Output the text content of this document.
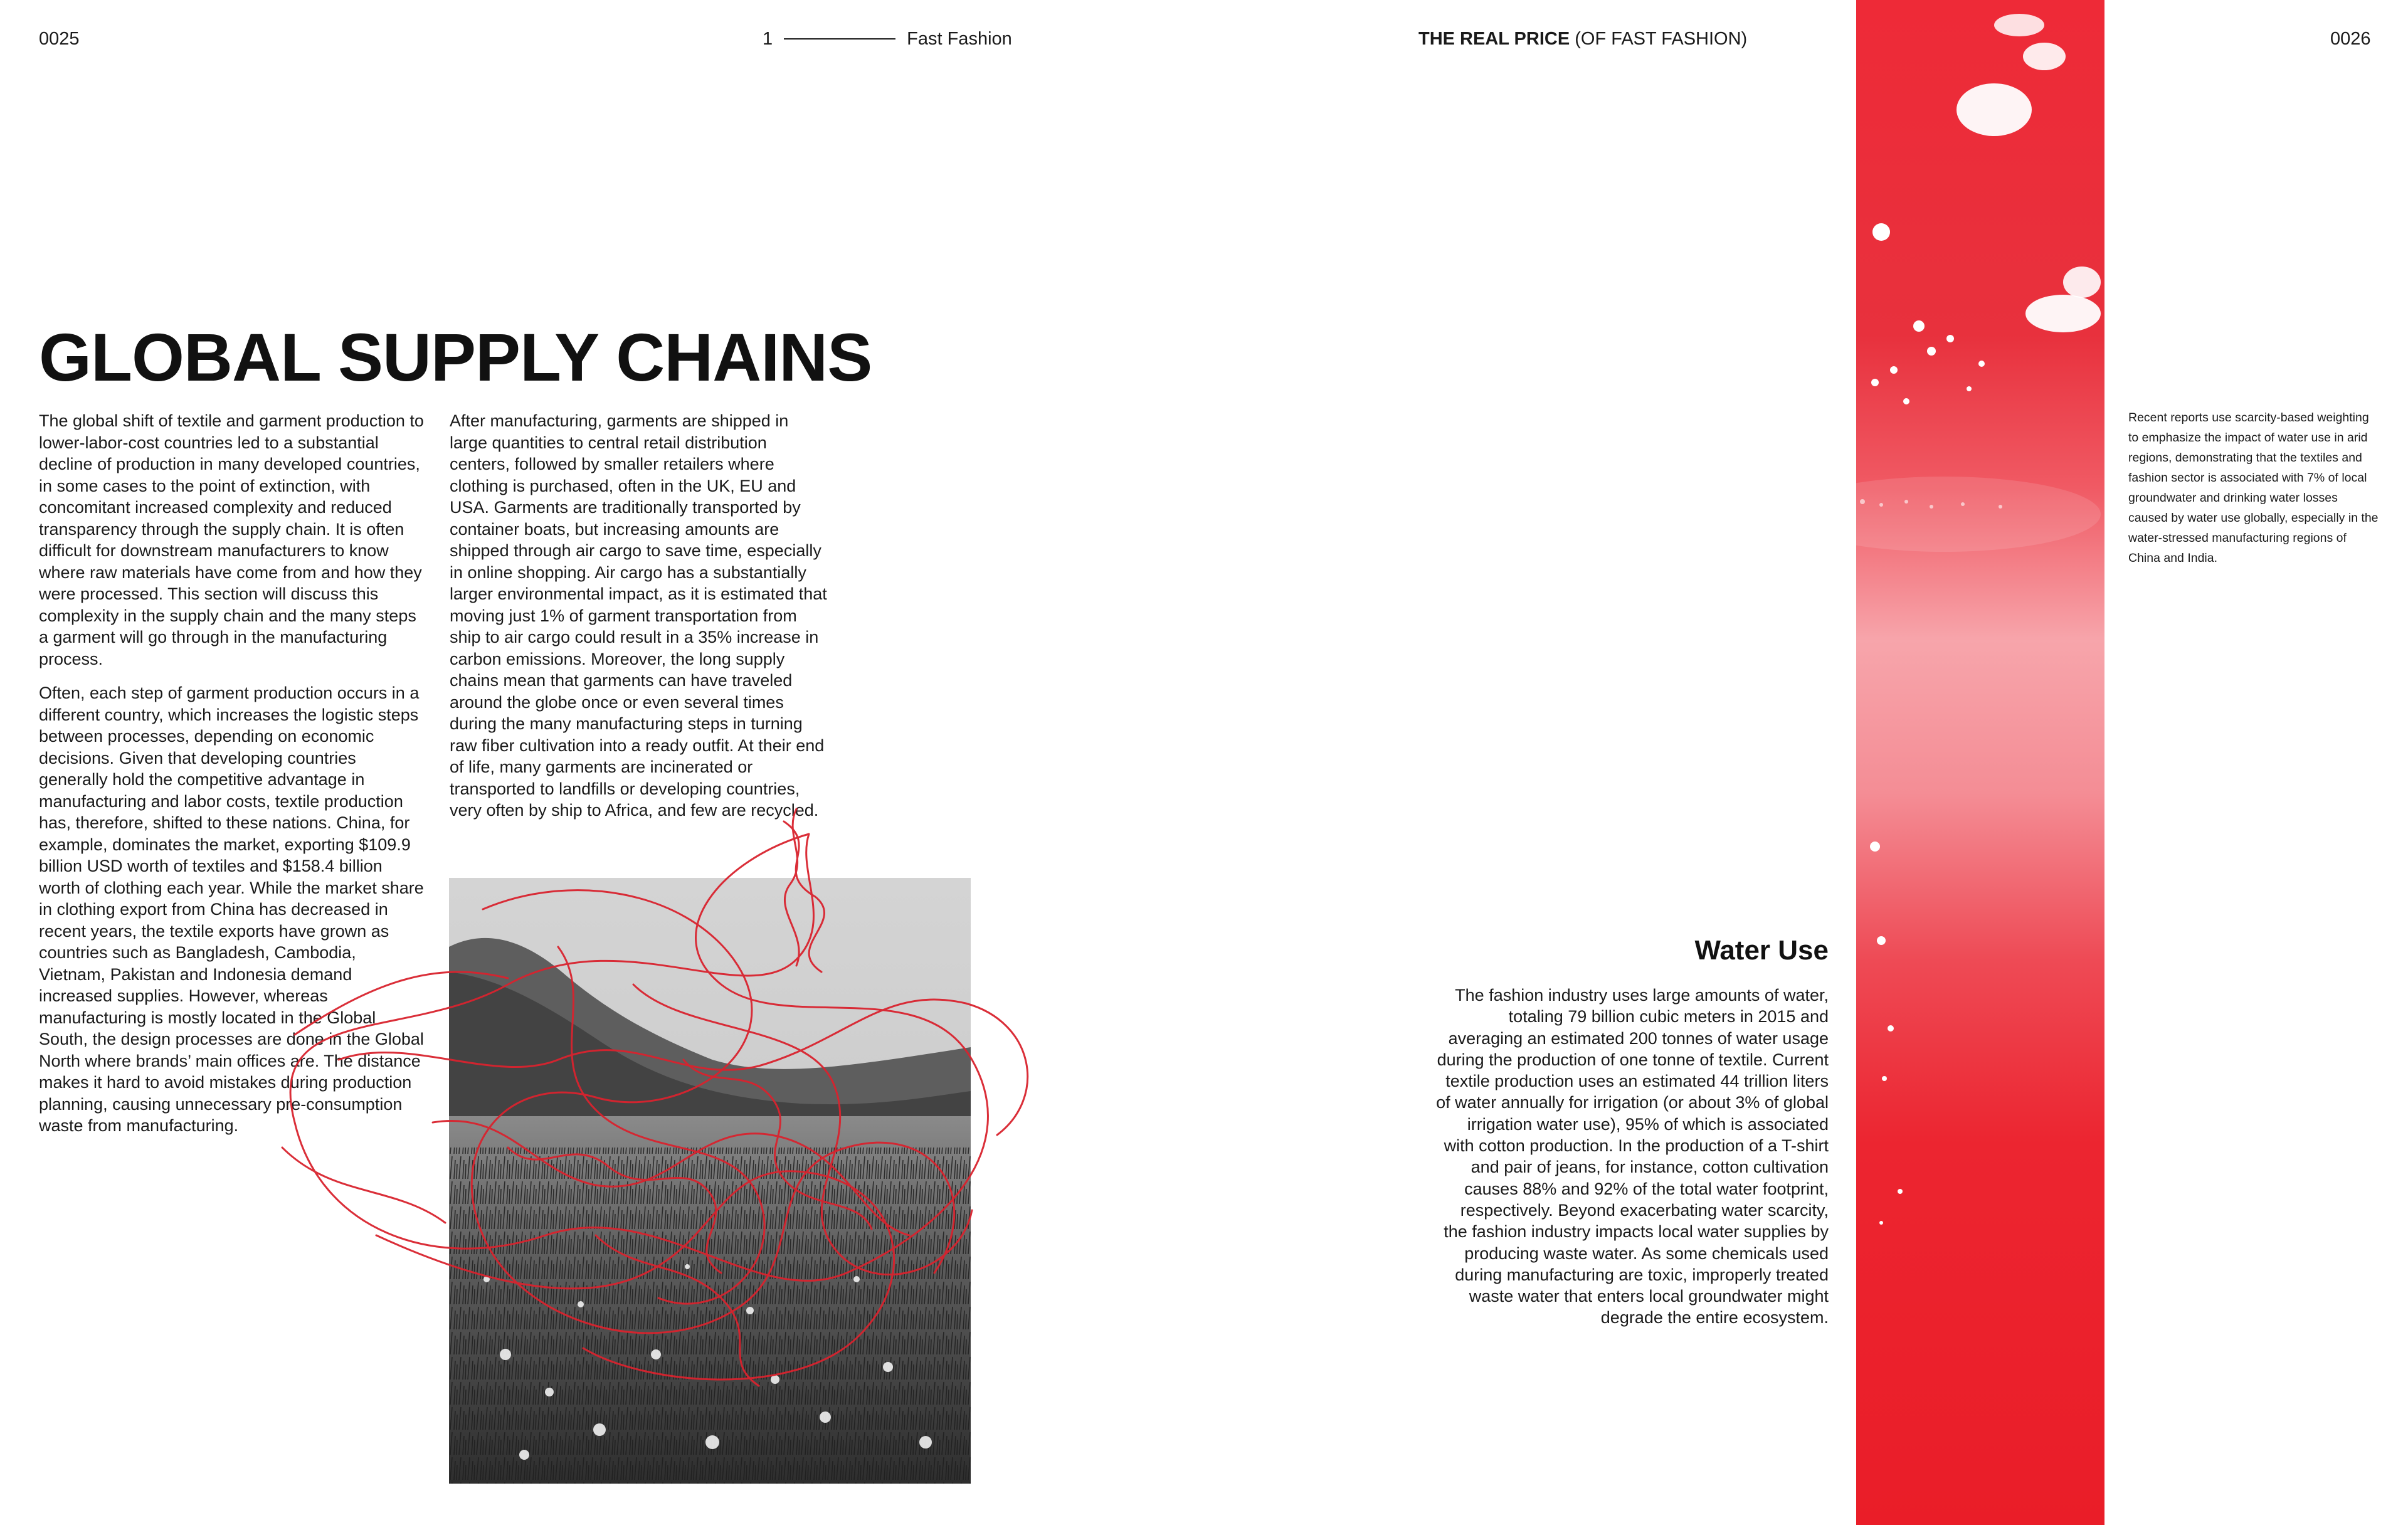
0025	1	Fast Fashion	THE REAL PRICE (OF FAST FASHION)	0026
GLOBAL SUPPLY CHAINS

The global shift of textile and garment production to lower-labor-cost countries led to a substantial decline of production in many developed countries, in some cases to the point of extinction, with concomitant increased complexity and reduced transparency through the supply chain. It is often difficult for downstream manufacturers to know where raw materials have come from and how they were processed. This section will discuss this complexity in the supply chain and the many steps a garment will go through in the manufacturing process.

Often, each step of garment production occurs in a different country, which increases the logistic steps between processes, depending on economic decisions. Given that developing countries generally hold the competitive advantage in manufacturing and labor costs, textile production has, therefore, shifted to these nations. China, for example, dominates the market, exporting $109.9 billion USD worth of textiles and $158.4 billion worth of clothing each year. While the market share in clothing export from China has decreased in recent years, the textile exports have grown as countries such as Bangladesh, Cambodia, Vietnam, Pakistan and Indonesia demand increased supplies. However, whereas manufacturing is mostly located in the Global South, the design processes are done in the Global North where brands’ main offices are. The distance makes it hard to avoid mistakes during production planning, causing unnecessary pre-consumption waste from manufacturing.

After manufacturing, garments are shipped in large quantities to central retail distribution centers, followed by smaller retailers where clothing is purchased, often in the UK, EU and USA. Garments are traditionally transported by container boats, but increasing amounts are shipped through air cargo to save time, especially in online shopping. Air cargo has a substantially larger environmental impact, as it is estimated that moving just 1% of garment transportation from ship to air cargo could result in a 35% increase in carbon emissions. Moreover, the long supply chains mean that garments can have traveled around the globe once or even several times during the many manufacturing steps in turning raw fiber cultivation into a ready outfit. At their end of life, many garments are incinerated or transported to landfills or developing countries, very often by ship to Africa, and few are recycled.

Recent reports use scarcity-based weighting to emphasize the impact of water use in arid regions, demonstrating that the textiles and fashion sector is associated with 7% of local groundwater and drinking water losses caused by water use globally, especially in the water-stressed manufacturing regions of China and India.
Water Use
The fashion industry uses large amounts of water, totaling 79 billion cubic meters in 2015 and averaging an estimated 200 tonnes of water usage during the production of one tonne of textile. Current textile production uses an estimated 44 trillion liters of water annually for irrigation (or about 3% of global irrigation water use), 95% of which is associated with cotton production. In the production of a T-shirt and pair of jeans, for instance, cotton cultivation causes 88% and 92% of the total water footprint, respectively. Beyond exacerbating water scarcity, the fashion industry impacts local water supplies by producing waste water. As some chemicals used during manufacturing are toxic, improperly treated waste water that enters local groundwater might degrade the entire ecosystem.
